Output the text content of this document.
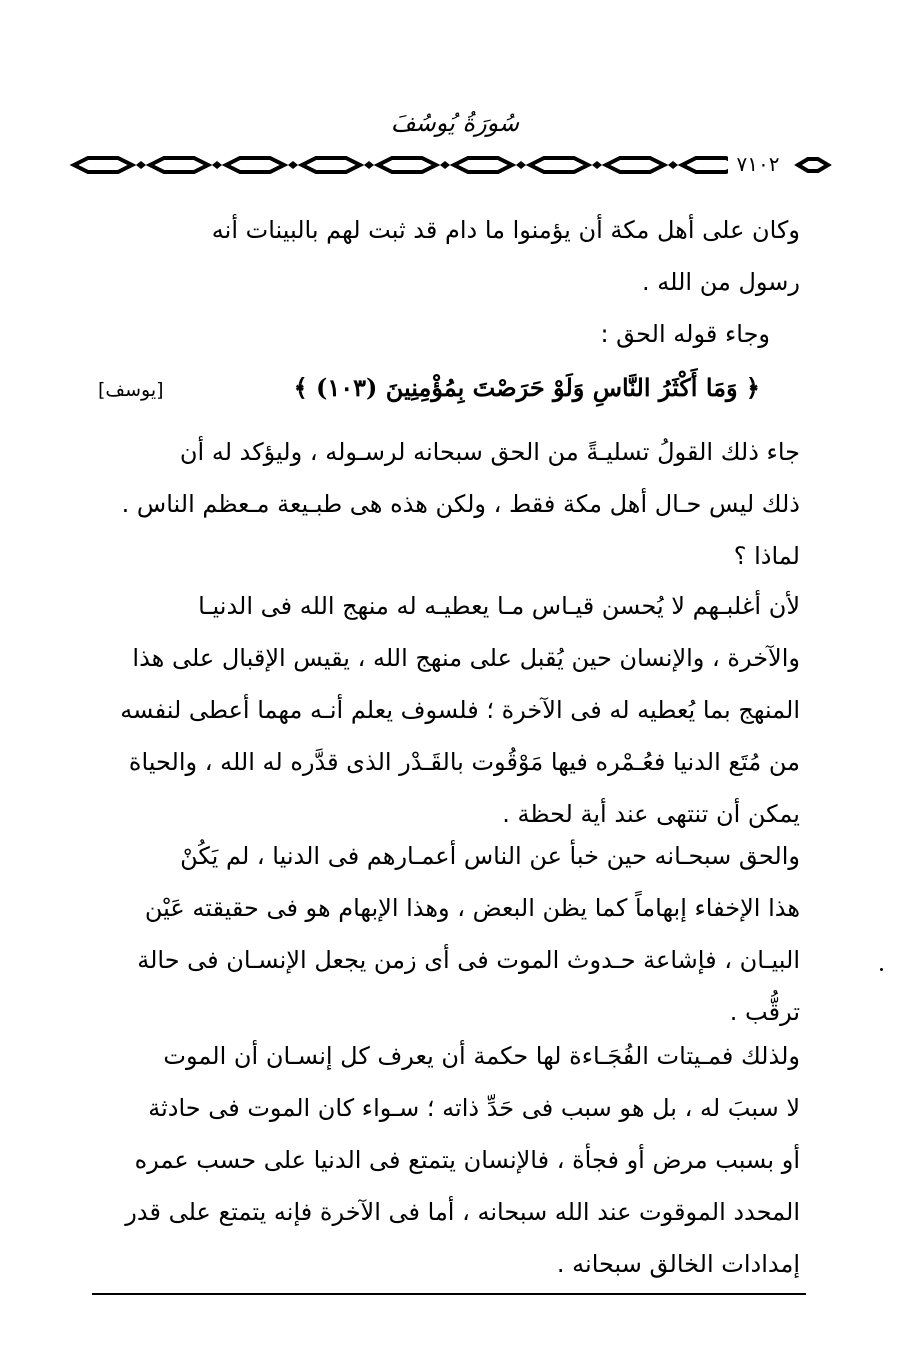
سُورَةُ يُوسُفَ
٧١٠٢
وكان على أهل مكة أن يؤمنوا ما دام قد ثبت لهم بالبينات أنه
رسول من الله .
وجاء قوله الحق :
﴿ وَمَا أَكْثَرُ النَّاسِ وَلَوْ حَرَصْتَ بِمُؤْمِنِينَ (١٠٣) ﴾
[يوسف]
جاء ذلك القولُ تسليـةً من الحق سبحانه لرسـوله ، وليؤكد له أن
ذلك ليس حـال أهل مكة فقط ، ولكن هذه هى طبـيعة مـعظم الناس .
لماذا ؟
لأن أغلبـهم لا يُحسن قيـاس مـا يعطيـه له منهج الله فى الدنيـا
والآخرة ، والإنسان حين يُقبل على منهج الله ، يقيس الإقبال على هذا
المنهج بما يُعطيه له فى الآخرة ؛ فلسوف يعلم أنـه مهما أعطى لنفسه
من مُتَع الدنيا فعُـمْره فيها مَوْقُوت بالقَـدْر الذى قدَّره له الله ، والحياة
يمكن أن تنتهى عند أية لحظة .
والحق سبحـانه حين خبأ عن الناس أعمـارهم فى الدنيا ، لم يَكُنْ
هذا الإخفاء إبهاماً كما يظن البعض ، وهذا الإبهام هو فى حقيقته عَيْن
البيـان ، فإشاعة حـدوث الموت فى أى زمن يجعل الإنسـان فى حالة
ترقُّب .
ولذلك فمـيتات الفُجَـاءة لها حكمة أن يعرف كل إنسـان أن الموت
لا سببَ له ، بل هو سبب فى حَدِّ ذاته ؛ سـواء كان الموت فى حادثة
أو بسبب مرض أو فجأة ، فالإنسان يتمتع فى الدنيا على حسب عمره
المحدد الموقوت عند الله سبحانه ، أما فى الآخرة فإنه يتمتع على قدر
إمدادات الخالق سبحانه .
